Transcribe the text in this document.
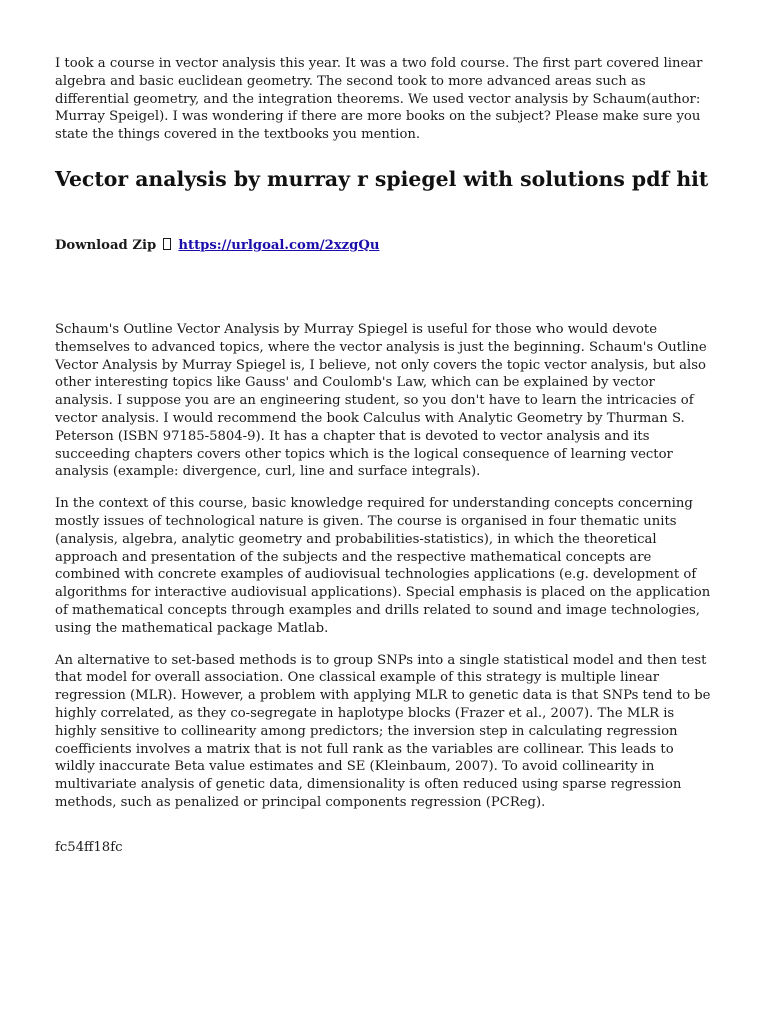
I took a course in vector analysis this year. It was a two fold course. The first part covered linear algebra and basic euclidean geometry. The second took to more advanced areas such as differential geometry, and the integration theorems. We used vector analysis by Schaum(author: Murray Speigel). I was wondering if there are more books on the subject? Please make sure you state the things covered in the textbooks you mention.

Vector analysis by murray r spiegel with solutions pdf hit
Download Zip https://urlgoal.com/2xzgQu

Schaum's Outline Vector Analysis by Murray Spiegel is useful for those who would devote themselves to advanced topics, where the vector analysis is just the beginning. Schaum's Outline Vector Analysis by Murray Spiegel is, I believe, not only covers the topic vector analysis, but also other interesting topics like Gauss' and Coulomb's Law, which can be explained by vector analysis. I suppose you are an engineering student, so you don't have to learn the intricacies of vector analysis. I would recommend the book Calculus with Analytic Geometry by Thurman S. Peterson (ISBN 97185-5804-9). It has a chapter that is devoted to vector analysis and its succeeding chapters covers other topics which is the logical consequence of learning vector analysis (example: divergence, curl, line and surface integrals).

In the context of this course, basic knowledge required for understanding concepts concerning mostly issues of technological nature is given. The course is organised in four thematic units (analysis, algebra, analytic geometry and probabilities-statistics), in which the theoretical approach and presentation of the subjects and the respective mathematical concepts are combined with concrete examples of audiovisual technologies applications (e.g. development of algorithms for interactive audiovisual applications). Special emphasis is placed on the application of mathematical concepts through examples and drills related to sound and image technologies, using the mathematical package Matlab.

An alternative to set-based methods is to group SNPs into a single statistical model and then test that model for overall association. One classical example of this strategy is multiple linear regression (MLR). However, a problem with applying MLR to genetic data is that SNPs tend to be highly correlated, as they co-segregate in haplotype blocks (Frazer et al., 2007). The MLR is highly sensitive to collinearity among predictors; the inversion step in calculating regression coefficients involves a matrix that is not full rank as the variables are collinear. This leads to wildly inaccurate Beta value estimates and SE (Kleinbaum, 2007). To avoid collinearity in multivariate analysis of genetic data, dimensionality is often reduced using sparse regression methods, such as penalized or principal components regression (PCReg).

fc54ff18fc
